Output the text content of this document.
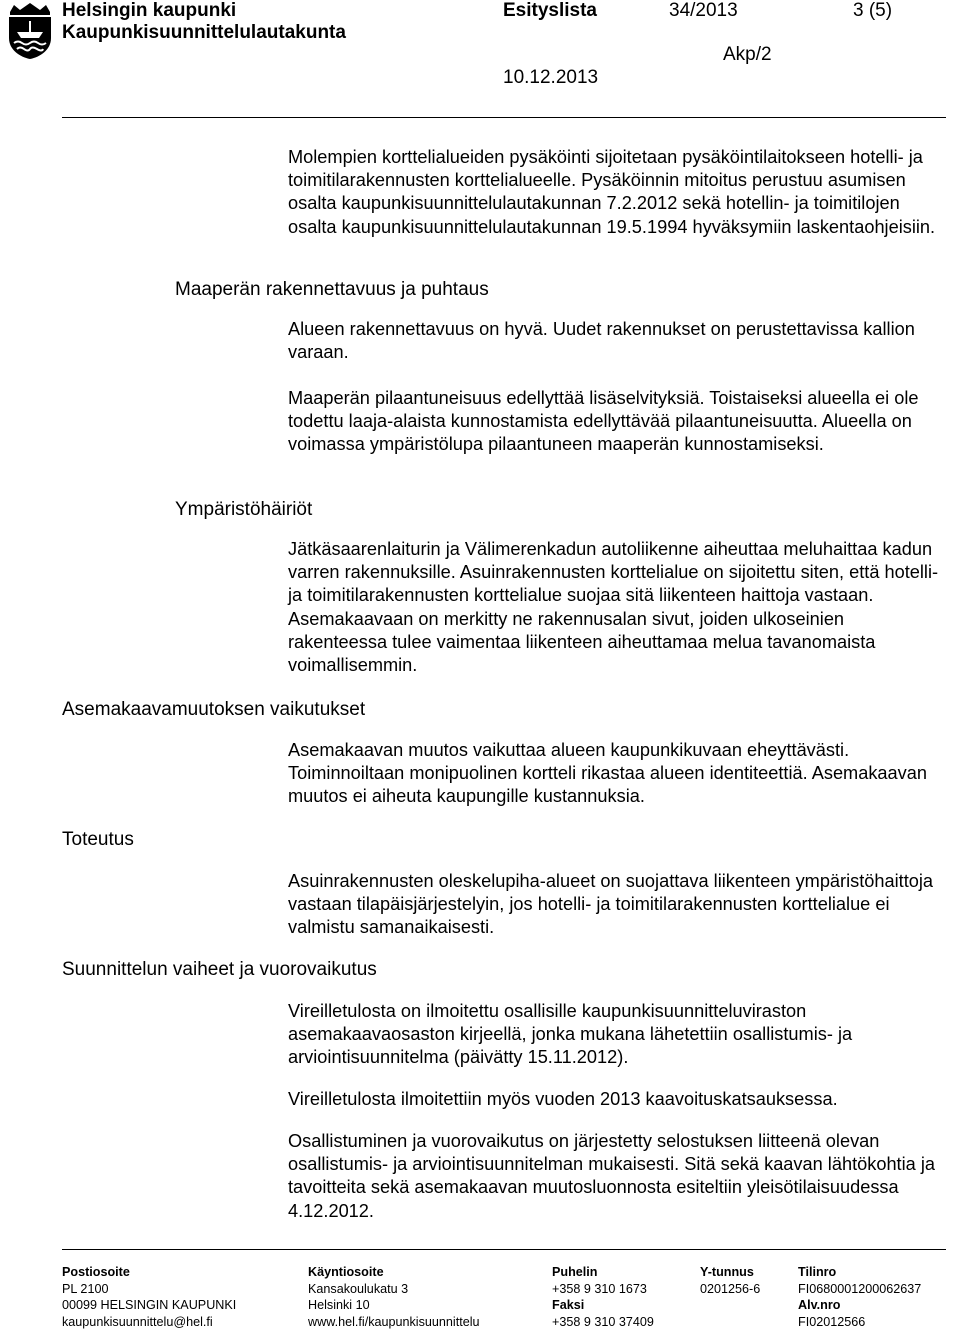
Helsingin kaupunki
Kaupunkisuunnittelulautakunta
Esityslista	34/2013	3 (5)
Akp/2
10.12.2013

Molempien korttelialueiden pysäköinti sijoitetaan pysäköintilaitokseen hotelli- ja toimitilarakennusten korttelialueelle. Pysäköinnin mitoitus perustuu asumisen osalta kaupunkisuunnittelulautakunnan 7.2.2012 sekä hotellin- ja toimitilojen osalta kaupunkisuunnittelulautakunnan 19.5.1994 hyväksymiin laskentaohjeisiin.

Maaperän rakennettavuus ja puhtaus

Alueen rakennettavuus on hyvä. Uudet rakennukset on perustettavissa kallion varaan.

Maaperän pilaantuneisuus edellyttää lisäselvityksiä. Toistaiseksi alueella ei ole todettu laaja-alaista kunnostamista edellyttävää pilaantuneisuutta. Alueella on voimassa ympäristölupa pilaantuneen maaperän kunnostamiseksi.

Ympäristöhäiriöt

Jätkäsaarenlaiturin ja Välimerenkadun autoliikenne aiheuttaa meluhaittaa kadun varren rakennuksille. Asuinrakennusten korttelialue on sijoitettu siten, että hotelli- ja toimitilarakennusten korttelialue suojaa sitä liikenteen haittoja vastaan. Asemakaavaan on merkitty ne rakennusalan sivut, joiden ulkoseinien rakenteessa tulee vaimentaa liikenteen aiheuttamaa melua tavanomaista voimallisemmin.

Asemakaavamuutoksen vaikutukset

Asemakaavan muutos vaikuttaa alueen kaupunkikuvaan eheyttävästi. Toiminnoiltaan monipuolinen kortteli rikastaa alueen identiteettiä. Asemakaavan muutos ei aiheuta kaupungille kustannuksia.

Toteutus

Asuinrakennusten oleskelupiha-alueet on suojattava liikenteen ympäristöhaittoja vastaan tilapäisjärjestelyin, jos hotelli- ja toimitilarakennusten korttelialue ei valmistu samanaikaisesti.

Suunnittelun vaiheet ja vuorovaikutus

Vireilletulosta on ilmoitettu osallisille kaupunkisuunnitteluviraston asemakaavaosaston kirjeellä, jonka mukana lähetettiin osallistumis- ja arviointisuunnitelma (päivätty 15.11.2012).

Vireilletulosta ilmoitettiin myös vuoden 2013 kaavoituskatsauksessa.

Osallistuminen ja vuorovaikutus on järjestetty selostuksen liitteenä olevan osallistumis- ja arviointisuunnitelman mukaisesti. Sitä sekä kaavan lähtökohtia ja tavoitteita sekä asemakaavan muutosluonnosta esiteltiin yleisötilaisuudessa 4.12.2012.

Postiosoite
PL 2100
00099 HELSINGIN KAUPUNKI
kaupunkisuunnittelu@hel.fi
Käyntiosoite
Kansakoulukatu 3
Helsinki 10
www.hel.fi/kaupunkisuunnittelu
Puhelin
+358 9 310 1673
Faksi
+358 9 310 37409
Y-tunnus
0201256-6
Tilinro
FI0680001200062637
Alv.nro
FI02012566
